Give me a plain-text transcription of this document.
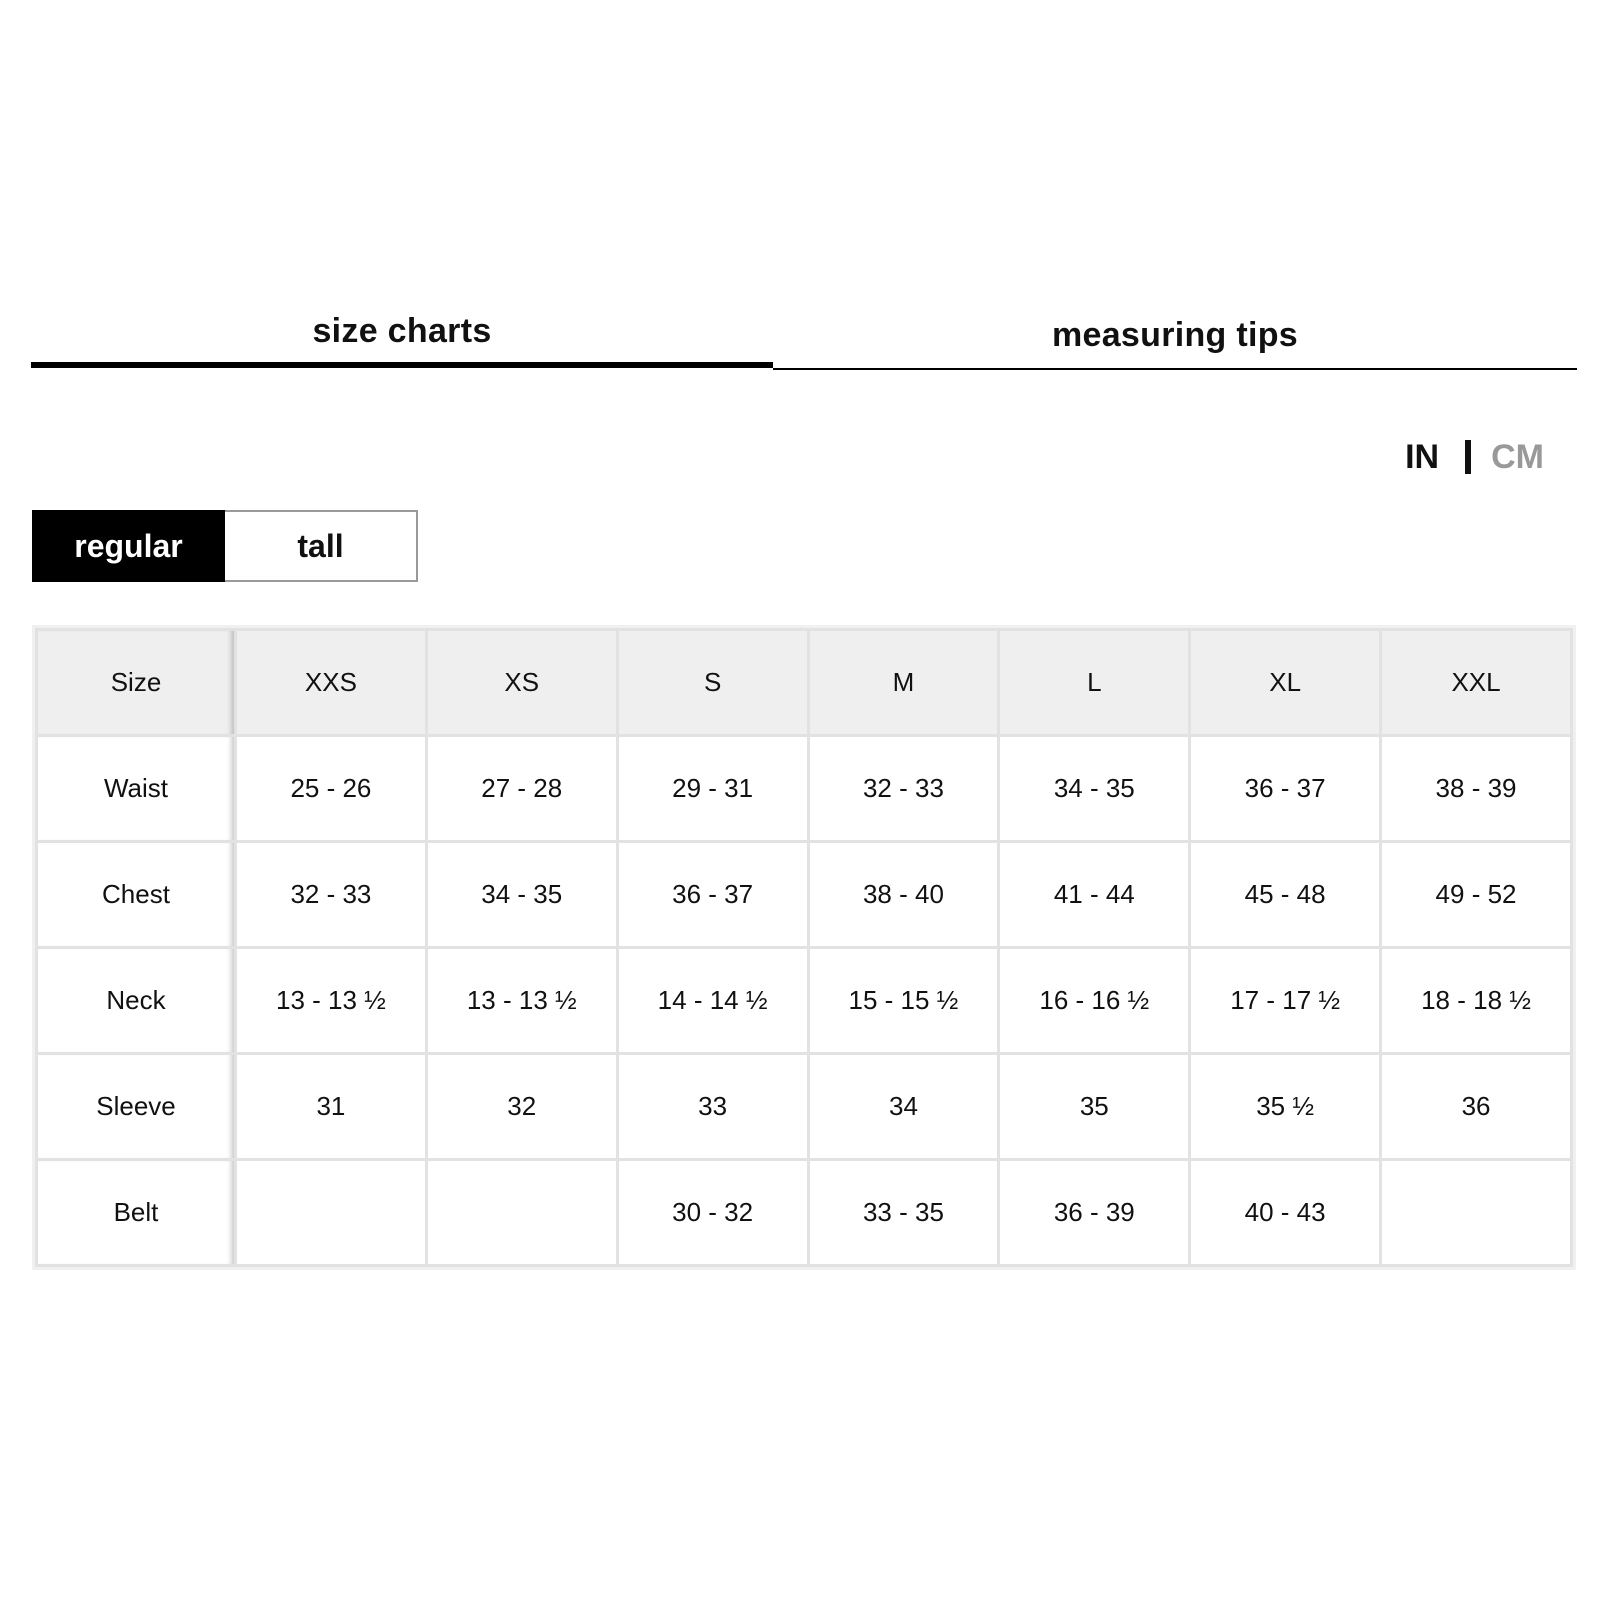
size charts	measuring tips
IN CM
regular	tall
Size	XXS	XS	S	M	L	XL	XXL
Waist	25 - 26	27 - 28	29 - 31	32 - 33	34 - 35	36 - 37	38 - 39
Chest	32 - 33	34 - 35	36 - 37	38 - 40	41 - 44	45 - 48	49 - 52
Neck	13 - 13 ½	13 - 13 ½	14 - 14 ½	15 - 15 ½	16 - 16 ½	17 - 17 ½	18 - 18 ½
Sleeve	31	32	33	34	35	35 ½	36
Belt			30 - 32	33 - 35	36 - 39	40 - 43	
